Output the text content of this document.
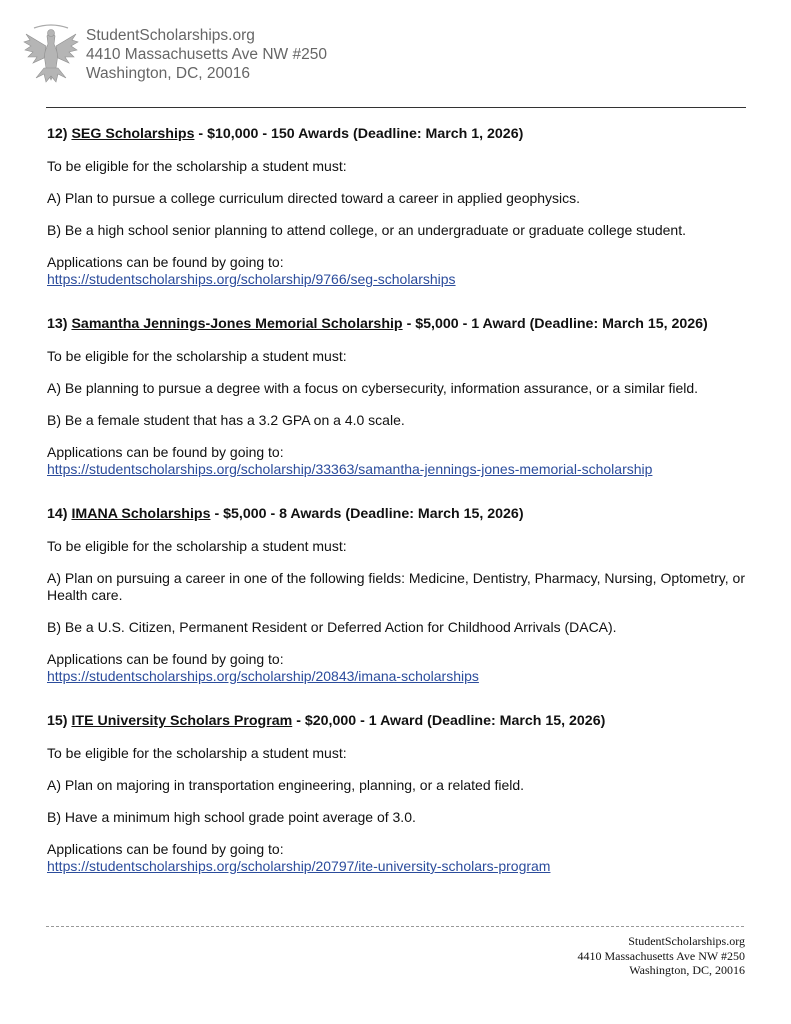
StudentScholarships.org
4410 Massachusetts Ave NW #250
Washington, DC, 20016

12) SEG Scholarships - $10,000 - 150 Awards (Deadline: March 1, 2026)

To be eligible for the scholarship a student must:

A) Plan to pursue a college curriculum directed toward a career in applied geophysics.

B) Be a high school senior planning to attend college, or an undergraduate or graduate college student.

Applications can be found by going to:
https://studentscholarships.org/scholarship/9766/seg-scholarships

13) Samantha Jennings-Jones Memorial Scholarship - $5,000 - 1 Award (Deadline: March 15, 2026)

To be eligible for the scholarship a student must:

A) Be planning to pursue a degree with a focus on cybersecurity, information assurance, or a similar field.

B) Be a female student that has a 3.2 GPA on a 4.0 scale.

Applications can be found by going to:
https://studentscholarships.org/scholarship/33363/samantha-jennings-jones-memorial-scholarship

14) IMANA Scholarships - $5,000 - 8 Awards (Deadline: March 15, 2026)

To be eligible for the scholarship a student must:

A) Plan on pursuing a career in one of the following fields: Medicine, Dentistry, Pharmacy, Nursing, Optometry, or Health care.

B) Be a U.S. Citizen, Permanent Resident or Deferred Action for Childhood Arrivals (DACA).

Applications can be found by going to:
https://studentscholarships.org/scholarship/20843/imana-scholarships

15) ITE University Scholars Program - $20,000 - 1 Award (Deadline: March 15, 2026)

To be eligible for the scholarship a student must:

A) Plan on majoring in transportation engineering, planning, or a related field.

B) Have a minimum high school grade point average of 3.0.

Applications can be found by going to:
https://studentscholarships.org/scholarship/20797/ite-university-scholars-program

StudentScholarships.org
4410 Massachusetts Ave NW #250
Washington, DC, 20016
